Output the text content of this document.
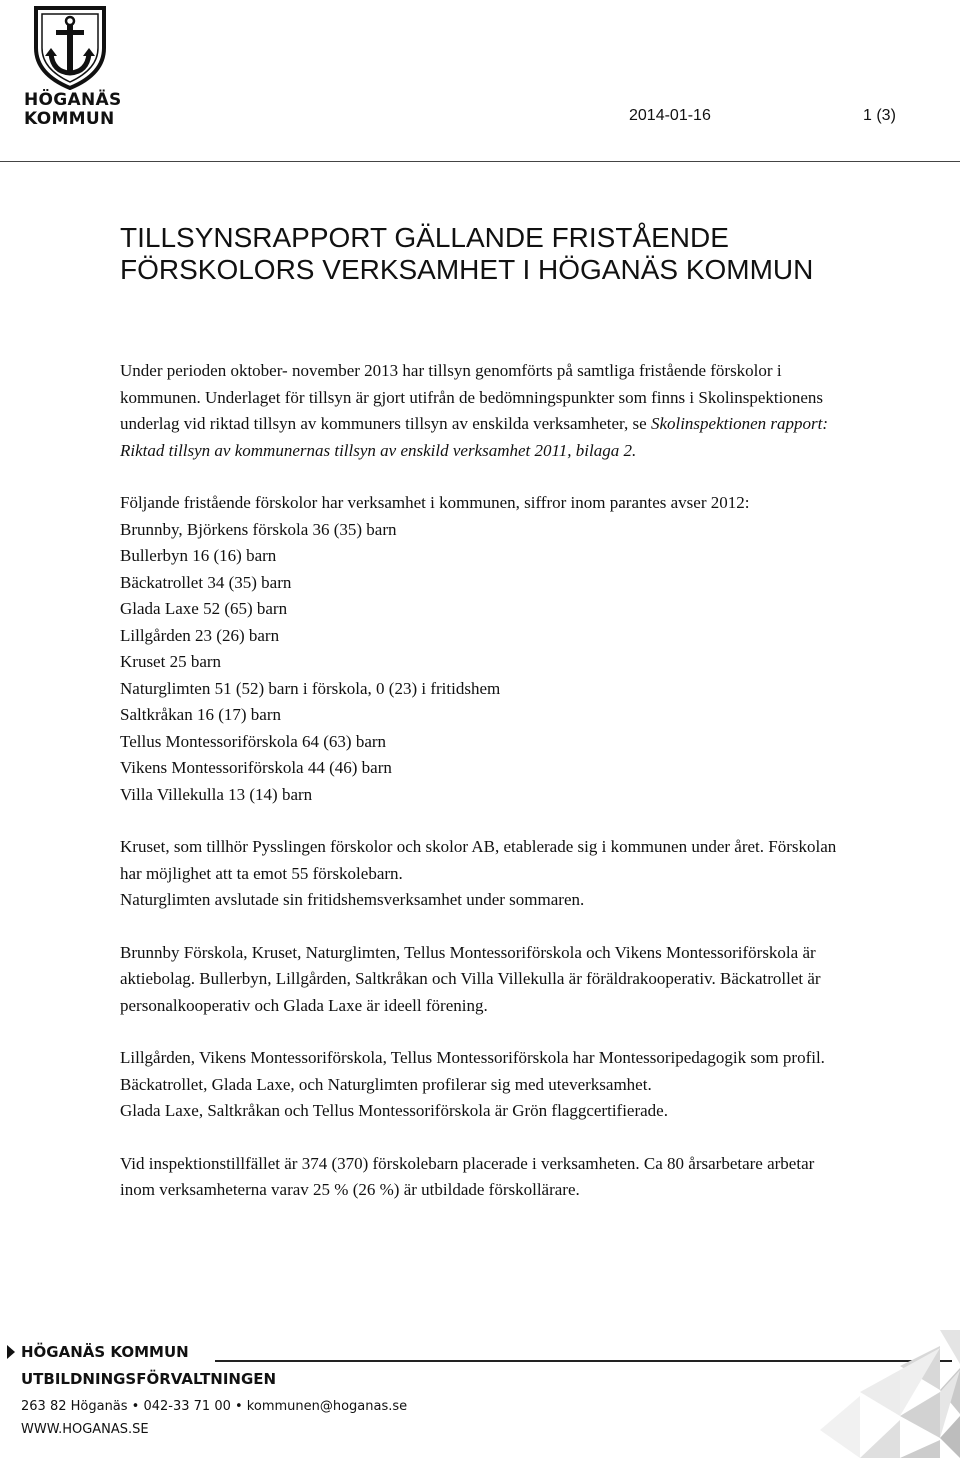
HÖGANÄS
KOMMUN	2014-01-16	1 (3)
TILLSYNSRAPPORT GÄLLANDE FRISTÅENDE FÖRSKOLORS VERKSAMHET I HÖGANÄS KOMMUN

Under perioden oktober- november 2013 har tillsyn genomförts på samtliga fristående förskolor i kommunen. Underlaget för tillsyn är gjort utifrån de bedömningspunkter som finns i Skolinspektionens underlag vid riktad tillsyn av kommuners tillsyn av enskilda verksamheter, se Skolinspektionen rapport: Riktad tillsyn av kommunernas tillsyn av enskild verksamhet 2011, bilaga 2.

Följande fristående förskolor har verksamhet i kommunen, siffror inom parantes avser 2012:

Brunnby, Björkens förskola 36 (35) barn
Bullerbyn 16 (16) barn
Bäckatrollet 34 (35) barn
Glada Laxe 52 (65) barn
Lillgården 23 (26) barn
Kruset 25 barn
Naturglimten 51 (52) barn i förskola, 0 (23) i fritidshem
Saltkråkan 16 (17) barn
Tellus Montessoriförskola 64 (63) barn
Vikens Montessoriförskola 44 (46) barn
Villa Villekulla 13 (14) barn

Kruset, som tillhör Pysslingen förskolor och skolor AB, etablerade sig i kommunen under året. Förskolan har möjlighet att ta emot 55 förskolebarn.

Naturglimten avslutade sin fritidshemsverksamhet under sommaren.

Brunnby Förskola, Kruset, Naturglimten, Tellus Montessoriförskola och Vikens Montessoriförskola är aktiebolag. Bullerbyn, Lillgården, Saltkråkan och Villa Villekulla är föräldrakooperativ. Bäckatrollet är personalkooperativ och Glada Laxe är ideell förening.

Lillgården, Vikens Montessoriförskola, Tellus Montessoriförskola har Montessoripedagogik som profil. Bäckatrollet, Glada Laxe, och Naturglimten profilerar sig med uteverksamhet.

Glada Laxe, Saltkråkan och Tellus Montessoriförskola är Grön flaggcertifierade.

Vid inspektionstillfället är 374 (370) förskolebarn placerade i verksamheten. Ca 80 årsarbetare arbetar inom verksamheterna varav 25 % (26 %) är utbildade förskollärare.

HÖGANÄS KOMMUN
UTBILDNINGSFÖRVALTNINGEN
263 82 Höganäs • 042-33 71 00 • kommunen@hoganas.se
WWW.HOGANAS.SE
